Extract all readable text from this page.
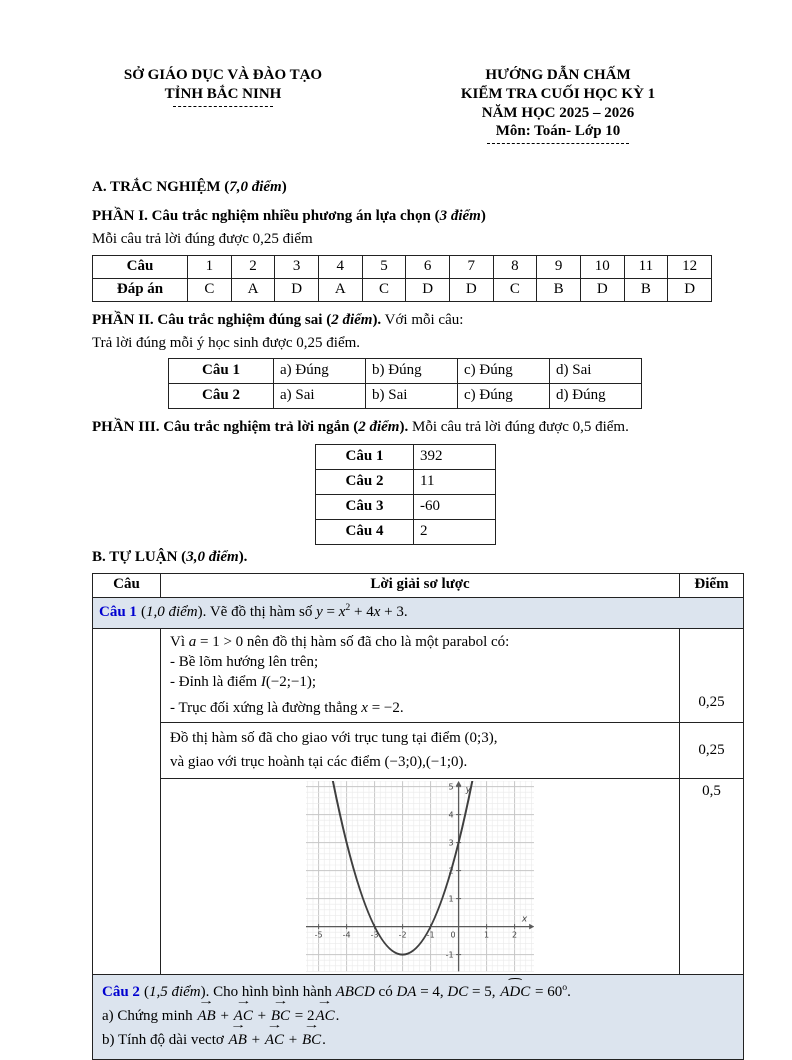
SỞ GIÁO DỤC VÀ ĐÀO TẠO
TỈNH BẮC NINH
HƯỚNG DẪN CHẤM
KIỂM TRA CUỐI HỌC KỲ 1
NĂM HỌC 2025 – 2026
Môn: Toán- Lớp 10
A. TRẮC NGHIỆM (7,0 điểm)
PHẦN I. Câu trắc nghiệm nhiều phương án lựa chọn (3 điểm)
Mỗi câu trả lời đúng được 0,25 điểm
Câu	1	2	3	4	5	6	7	8	9	10	11	12
Đáp án	C	A	D	A	C	D	D	C	B	D	B	D
PHẦN II. Câu trắc nghiệm đúng sai (2 điểm). Với mỗi câu:
Trả lời đúng mỗi ý học sinh được 0,25 điểm.
Câu 1	a) Đúng	b) Đúng	c) Đúng	d) Sai
Câu 2	a) Sai	b) Sai	c) Đúng	d) Đúng
PHẦN III. Câu trắc nghiệm trả lời ngắn (2 điểm). Mỗi câu trả lời đúng được 0,5 điểm.
Câu 1	392
Câu 2	11
Câu 3	-60
Câu 4	2
B. TỰ LUẬN (3,0 điểm).
Câu	Lời giải sơ lược	Điểm
Câu 1 (1,0 điểm). Vẽ đồ thị hàm số $y = x^2 + 4x + 3$.		

	Vì a = 1 > 0 nên đồ thị hàm số đã cho là một parabol có:
- Bề lõm hướng lên trên;
- Đỉnh là điểm I(−2;−1);
- Trục đối xứng là đường thẳng x = −2.	0,25

	Đồ thị hàm số đã cho giao với trục tung tại điểm (0;3),
và giao với trục hoành tại các điểm (−3;0),(−1;0).	0,25

-5	-4	-3	-2	-1	1	2
0
-1
1
2
3
4
5
x
y	0,5

Câu 2 (1,5 điểm). Cho hình bình hành ABCD có DA = 4, DC = 5, ⌢ ADC = $60^o$.
a) Chứng minh → AB + → AC + → BC = 2→ AC.
b) Tính độ dài vectơ → AB + → AC + → BC.
